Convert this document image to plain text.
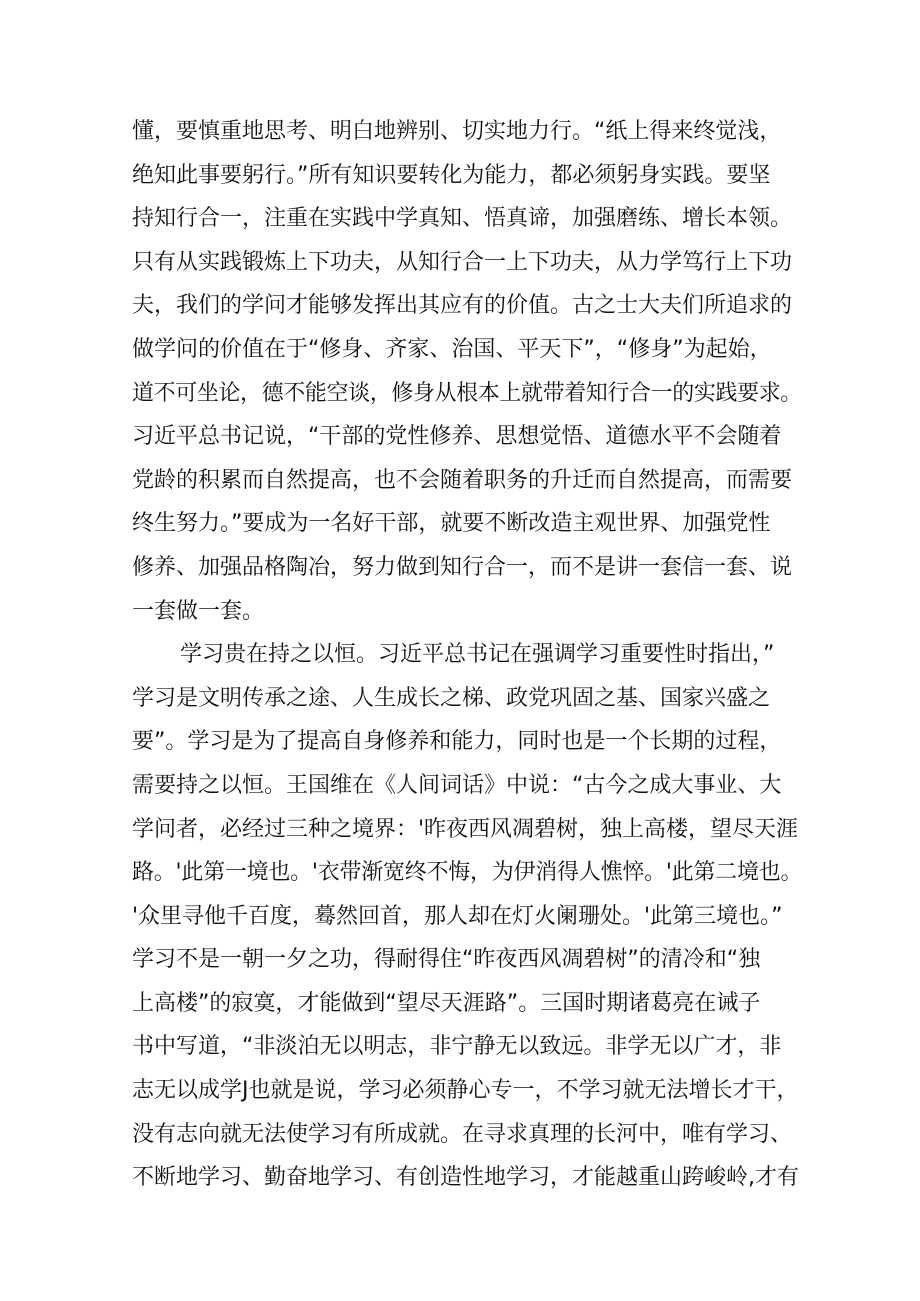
懂，要慎重地思考、明白地辨别、切实地力行。“纸上得来终觉浅，
绝知此事要躬行。”所有知识要转化为能力，都必须躬身实践。要坚
持知行合一，注重在实践中学真知、悟真谛，加强磨练、增长本领。
只有从实践锻炼上下功夫，从知行合一上下功夫，从力学笃行上下功
夫，我们的学问才能够发挥出其应有的价值。古之士大夫们所追求的
做学问的价值在于“修身、齐家、治国、平天下”，“修身”为起始，
道不可坐论，德不能空谈，修身从根本上就带着知行合一的实践要求。
习近平总书记说，“干部的党性修养、思想觉悟、道德水平不会随着
党龄的积累而自然提高，也不会随着职务的升迁而自然提高，而需要
终生努力。”要成为一名好干部，就要不断改造主观世界、加强党性
修养、加强品格陶冶，努力做到知行合一，而不是讲一套信一套、说
一套做一套。
学习贵在持之以恒。习近平总书记在强调学习重要性时指出，”
学习是文明传承之途、人生成长之梯、政党巩固之基、国家兴盛之
要”。学习是为了提高自身修养和能力，同时也是一个长期的过程，
需要持之以恒。王国维在《人间词话》中说：“古今之成大事业、大
学问者，必经过三种之境界：'昨夜西风凋碧树，独上高楼，望尽天涯
路。'此第一境也。'衣带渐宽终不悔，为伊消得人憔悴。'此第二境也。
'众里寻他千百度，蓦然回首，那人却在灯火阑珊处。'此第三境也。”
学习不是一朝一夕之功，得耐得住“昨夜西风凋碧树”的清冷和“独
上高楼”的寂寞，才能做到“望尽天涯路”。三国时期诸葛亮在诫子
书中写道，“非淡泊无以明志，非宁静无以致远。非学无以广才，非
志无以成学J也就是说，学习必须静心专一，不学习就无法增长才干，
没有志向就无法使学习有所成就。在寻求真理的长河中，唯有学习、
不断地学习、勤奋地学习、有创造性地学习，才能越重山跨峻岭,才有
